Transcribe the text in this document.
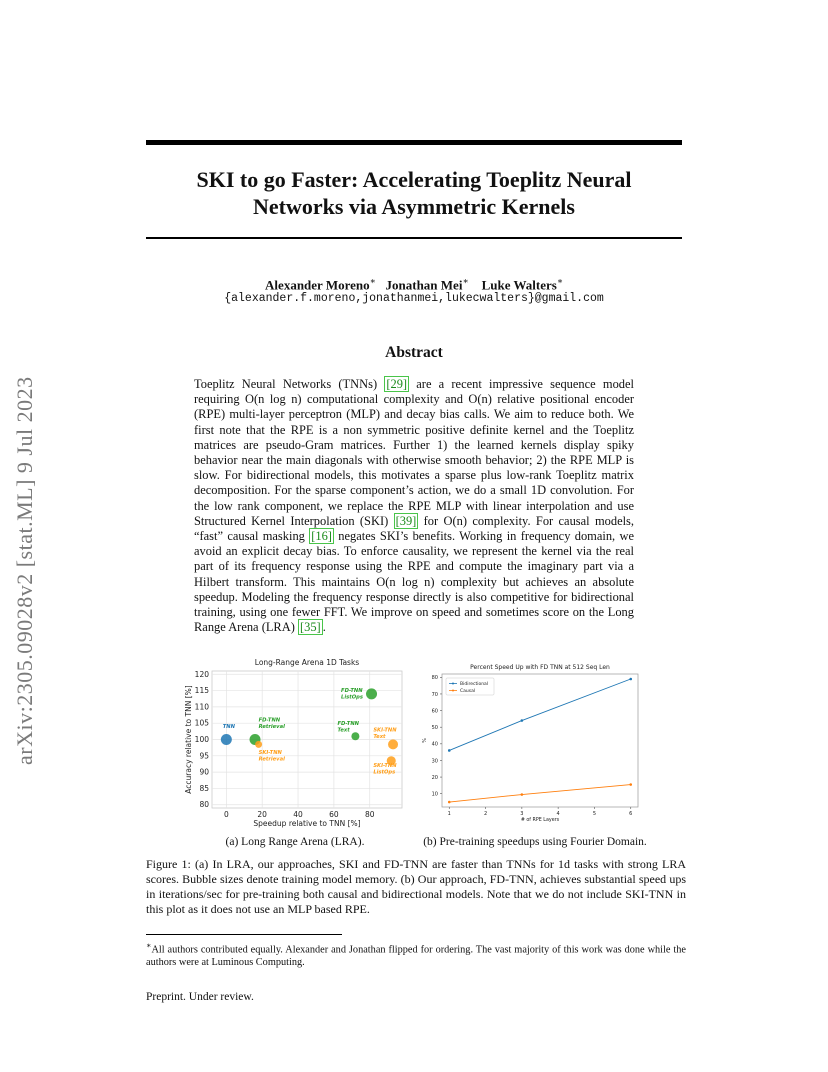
arXiv:2305.09028v2 [stat.ML] 9 Jul 2023
SKI to go Faster: Accelerating Toeplitz Neural
Networks via Asymmetric Kernels
Alexander Moreno∗ Jonathan Mei∗ Luke Walters∗
{alexander.f.moreno,jonathanmei,lukecwalters}@gmail.com
Abstract

Toeplitz Neural Networks (TNNs) [29] are a recent impressive sequence model requiring O(n log n) computational complexity and O(n) relative positional encoder (RPE) multi-layer perceptron (MLP) and decay bias calls. We aim to reduce both. We first note that the RPE is a non symmetric positive definite kernel and the Toeplitz matrices are pseudo-Gram matrices. Further 1) the learned kernels display spiky behavior near the main diagonals with otherwise smooth behavior; 2) the RPE MLP is slow. For bidirectional models, this motivates a sparse plus low-rank Toeplitz matrix decomposition. For the sparse component’s action, we do a small 1D convolution. For the low rank component, we replace the RPE MLP with linear interpolation and use Structured Kernel Interpolation (SKI) [39] for O(n) complexity. For causal models, “fast” causal masking [16] negates SKI’s benefits. Working in frequency domain, we avoid an explicit decay bias. To enforce causality, we represent the kernel via the real part of its frequency response using the RPE and compute the imaginary part via a Hilbert transform. This maintains O(n log n) complexity but achieves an absolute speedup. Modeling the frequency response directly is also competitive for bidirectional training, using one fewer FFT. We improve on speed and sometimes score on the Long Range Arena (LRA) [35] .

0	20	40	60	80
80
85
90
95
100
105
110
115
120
Long-Range Arena 1D Tasks
Speedup relative to TNN [%]
Accuracy relative to TNN [%]	TNN
FD-TNN
Retrieval
SKI-TNN
Retrieval
FD-TNN
ListOps
FD-TNN
Text	SKI-TNN
Text
SKI-TNN
ListOps
(a) Long Range Arena (LRA).
1	2	3	4	5	6
10
20
30
40
50
60
70
80
Percent Speed Up with FD TNN at 512 Seq Len
# of RPE Layers
%
Bidirectional
Causal
(b) Pre-training speedups using Fourier Domain.
Figure 1: (a) In LRA, our approaches, SKI and FD-TNN are faster than TNNs for 1d tasks with strong LRA scores. Bubble sizes denote training model memory. (b) Our approach, FD-TNN, achieves substantial speed ups in iterations/sec for pre-training both causal and bidirectional models. Note that we do not include SKI-TNN in this plot as it does not use an MLP based RPE.
∗All authors contributed equally. Alexander and Jonathan flipped for ordering. The vast majority of this work was done while the authors were at Luminous Computing.
Preprint. Under review.
